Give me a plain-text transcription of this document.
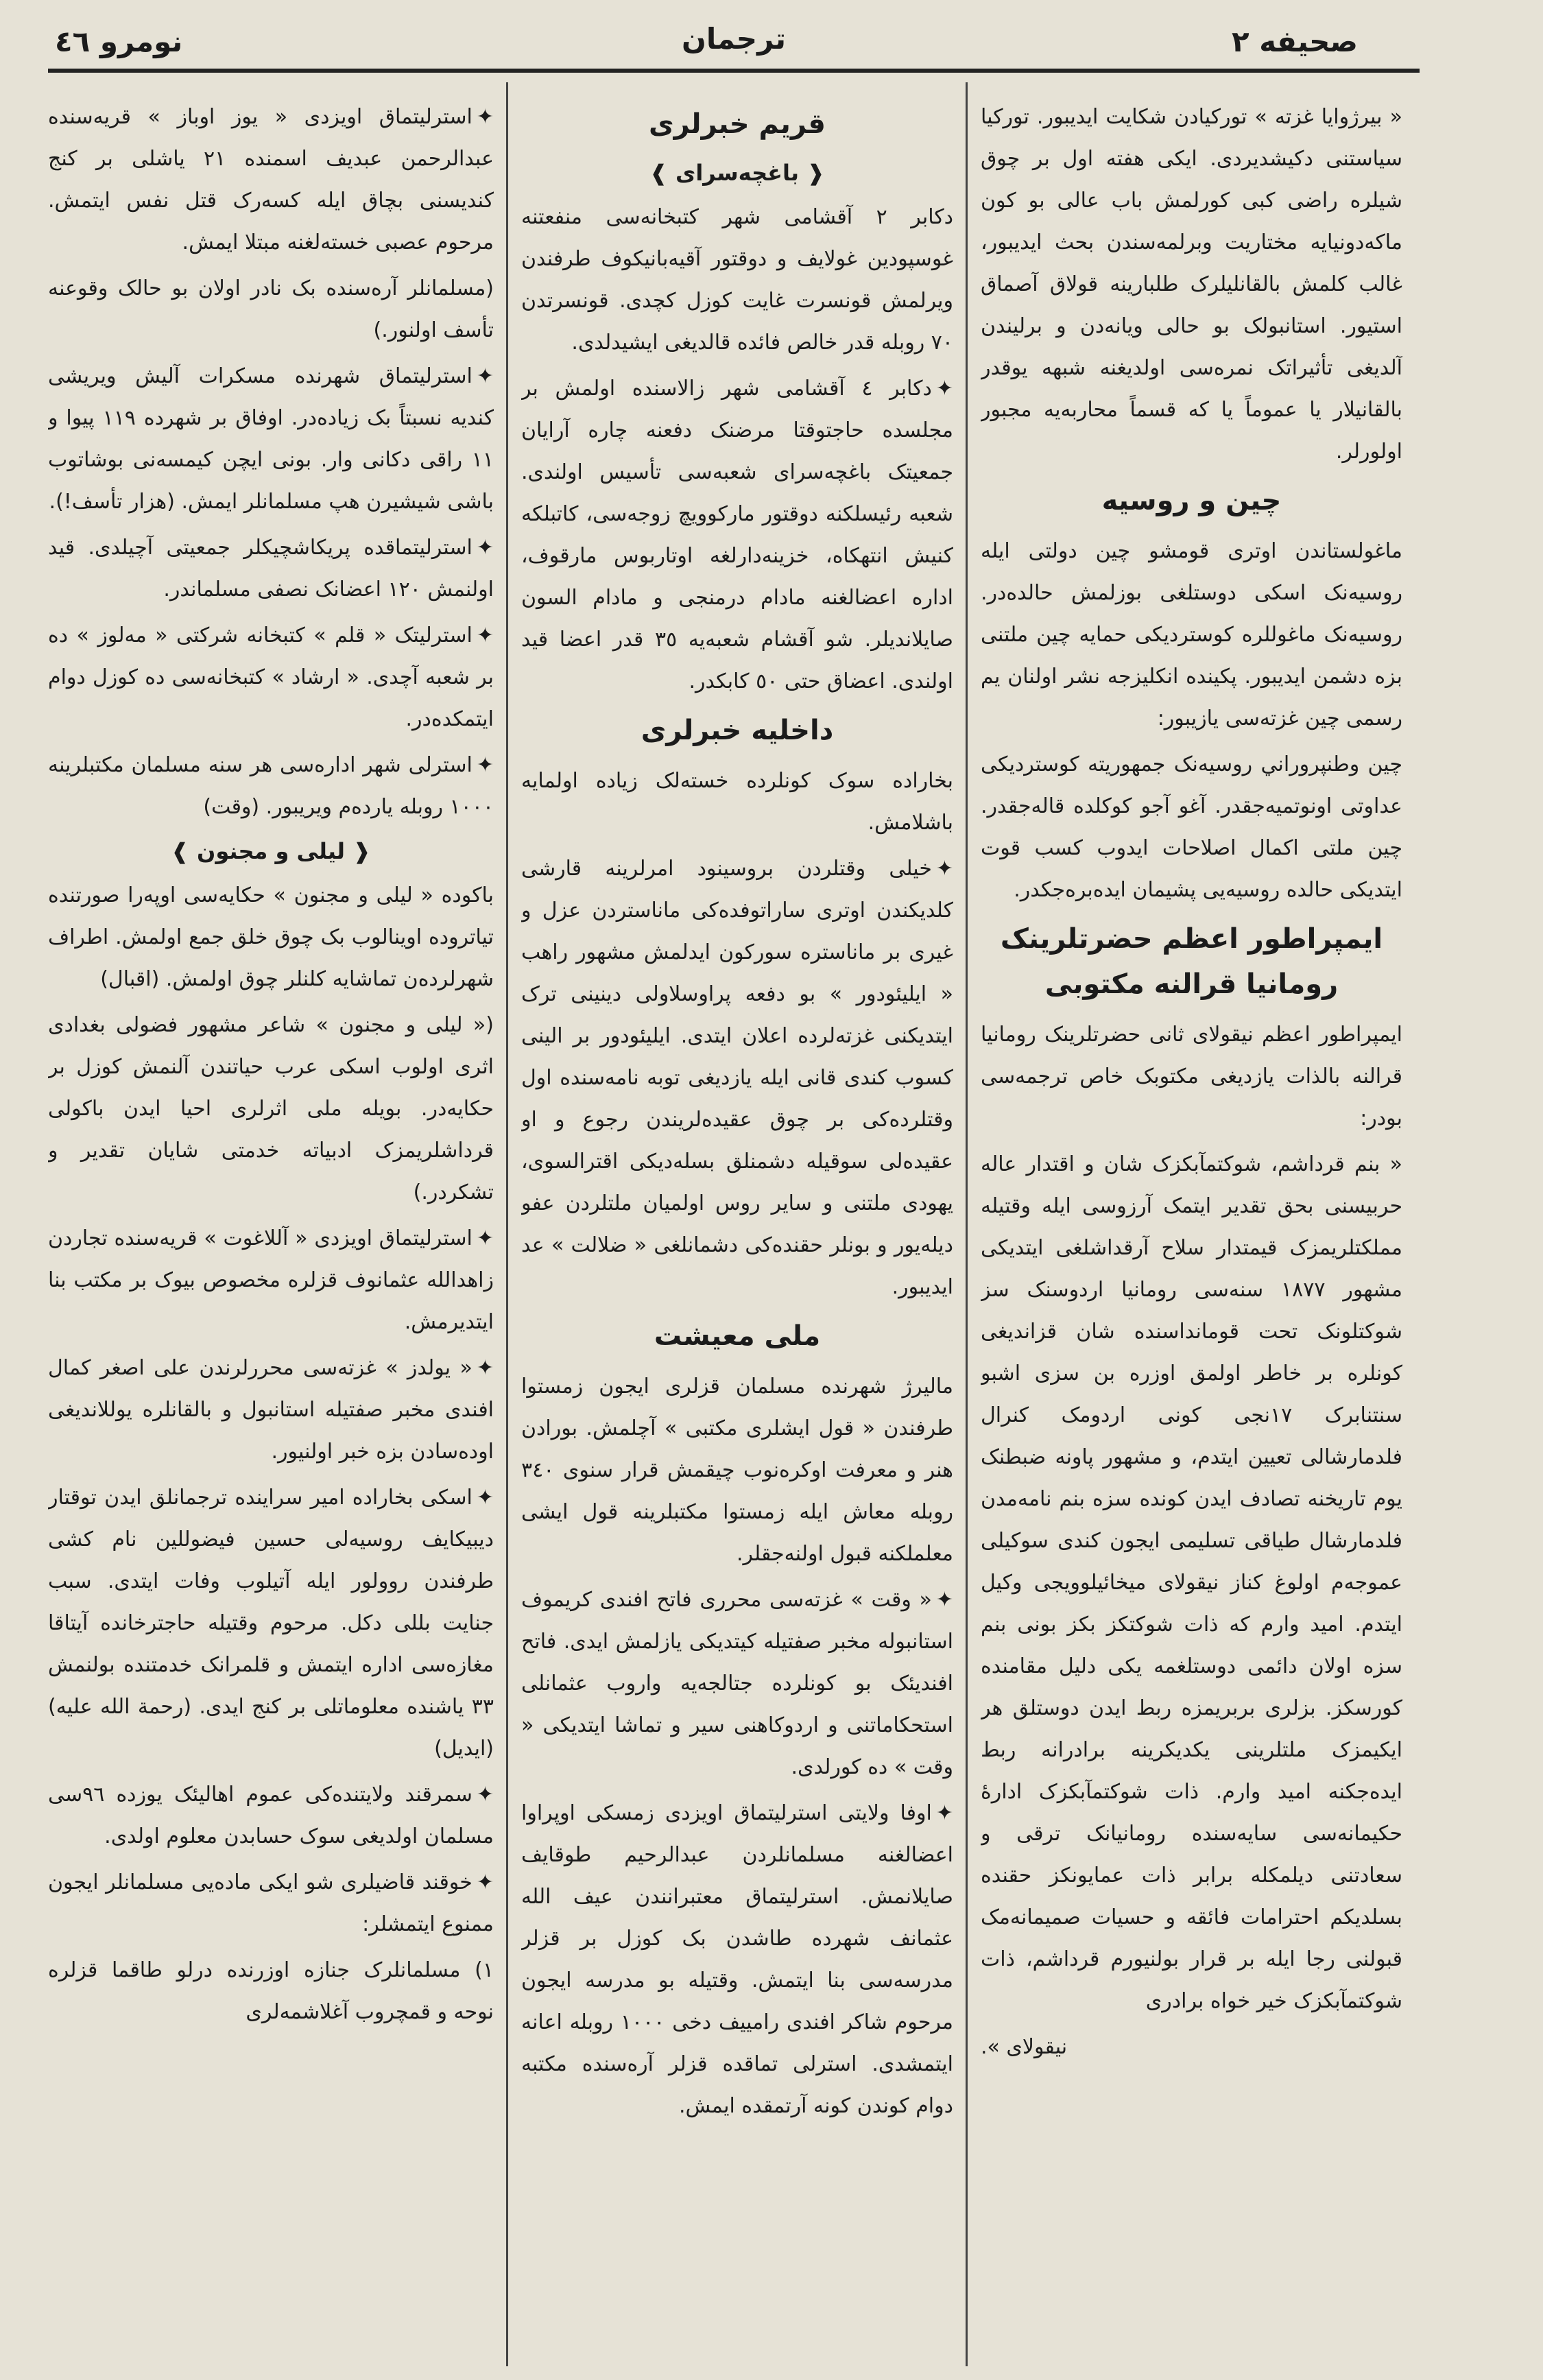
صحيفه ٢
ترجمان
نومرو ٤٦

« بيرژوايا غزته » تورکيادن شکايت ايديبور. تورکيا سياستنی دکيشديردی. ايکی هفته اول بر چوق شيلره راضی کبی کورلمش باب عالی بو کون ماکه‌دونيايه مختاريت وبرلمه‌سندن بحث ايديبور، غالب کلمش بالقانليلرک طلبارينه قولاق آصماق استيور. استانبولک بو حالی ويانه‌دن و برليندن آلديغی تأثيراتک نمره‌سی اولديغنه شبهه يوقدر بالقانيلار يا عموماً يا که قسماً محاربه‌يه مجبور اولورلر.

چين و روسيه

ماغولستاندن اوتری قومشو چين دولتی ايله روسيه‌نک اسکی دوستلغی بوزلمش حالده‌در. روسيه‌نک ماغوللره کوستردیکی حمايه چين ملتنی بزه دشمن ايديبور. پکينده انکليزجه نشر اولنان يم رسمی چين غزته‌سی يازيبور:

چين وطنپروراني روسيه‌نک جمهوريته کوستردیکی عداوتی اونوتميه‌جقدر. آغو آجو کوکلده قاله‌جقدر. چين ملتی اکمال اصلاحات ايدوب کسب قوت ايتدیکی حالده روسيه‌يی پشيمان ايده‌بره‌جکدر.

ايمپراطور اعظم حضرتلرينک رومانيا قرالنه مکتوبی

ايمپراطور اعظم نيقولای ثانی حضرتلرينک رومانيا قرالنه بالذات يازديغی مکتوبک خاص ترجمه‌سی بودر:

« بنم قرداشم، شوکتمآبکزک شان و اقتدار عاله حربيسنی بحق تقدير ايتمک آرزوسی ايله وقتيله مملکتلريمزک قيمتدار سلاح آرقداشلغی ايتدیکی مشهور ١٨٧٧ سنه‌سی رومانيا اردوسنک سز شوکتلونک تحت قوماندا‌سنده شان قزانديغی کونلره بر خاطر اولمق اوزره بن سزی اشبو سنتنابرک ١٧نجی کونی اردومک کنرال فلدمارشالی تعيين ايتدم، و مشهور پاونه ضبطنک يوم تاريخنه تصادف ايدن کونده سزه بنم نامه‌مدن فلدمارشال طياقی تسليمی ايجون کندی سوکيلی عموجه‌م اولوغ کناز نيقولای ميخائيلوويجی وکيل ايتدم. اميد وارم که ذات شوکتکز بکز بونی بنم سزه اولان دائمی دوستلغمه يکی دليل مقامنده کورسکز. بزلری بربريمزه ربط ايدن دوستلق هر ايکيمزک ملتلرينی يکديکرينه برادرانه ربط ايده‌جکنه اميد وارم. ذات شوکتمآبکزک ادارهٔ حکيمانه‌سی سايه‌سنده رومانيانک ترقی و سعادتنی ديلمکله برابر ذات عمايونکز حقنده بسلديکم احترامات فائقه و حسيات صميمانه‌مک قبولنی رجا ايله بر قرار بولنيورم قرداشم، ذات شوکتمآبکزک خير خواه برادری

نيقولای ».

قريم خبرلری
❰ باغچه‌سرای ❱

دکابر ٢ آقشامی شهر کتبخانه‌سی منفعتنه غوسپودين غولايف و دوقتور آقيه‌بانيکوف طرفندن ويرلمش قونسرت غايت کوزل کچدی. قونسرتدن ٧٠ روبله قدر خالص فائده قالديغی ايشيدلدی.

✦دکابر ٤ آقشامی شهر زالاسنده اولمش بر مجلسده حاجتوقتا مرضنک دفعنه چاره آرايان جمعيتک باغچه‌سرای شعبه‌سی تأسيس اولندی. شعبه رئيسلکنه دوقتور مارکوويچ زوجه‌سی، کاتبلکه کنيش انتهکاه، خزينه‌دارلغه اوتاربوس مارقوف، اداره اعضالغنه مادام درمنجی و مادام السون صايلاندیلر. شو آقشام شعبه‌يه ٣٥ قدر اعضا قيد اولندی. اعضاق حتی ٥٠ کابکدر.

داخليه خبرلری

بخاراده سوک کونلرده خسته‌لک زياده اولمايه باشلامش.

✦خيلی وقتلردن بروسينود امرلرينه قارشی کلديکندن اوتری ساراتوفده‌کی ماناستردن عزل و غيری بر ماناستره سورکون ايدلمش مشهور راهب « ايليئودور » بو دفعه پراوسلاولی دينينی ترک ايتدیکنی غزته‌لرده اعلان ايتدی. ايليئودور بر الينی کسوب کندی قانی ايله يازديغی توبه نامه‌سنده اول وقتلرده‌کی بر چوق عقيده‌لريندن رجوع و او عقيده‌لی سوقيله دشمنلق بسله‌دیکی اقترالسوی، يهودی ملتنی و ساير روس اولميان ملتلردن عفو ديله‌يور و بونلر حقنده‌کی دشمانلغی « ضلالت » عد ايديبور.

ملی معيشت

ماليرژ شهرنده مسلمان قزلری ايجون زمستوا طرفندن « قول ايشلری مکتبی » آچلمش. بورادن هنر و معرفت اوکره‌نوب چيقمش قرار سنوی ٣٤٠ روبله معاش ايله زمستوا مکتبلرينه قول ايشی معلملکنه قبول اولنه‌جقلر.

✦« وقت » غزته‌سی محرری فاتح افندی کريموف استانبوله مخبر صفتيله کيتدیکی يازلمش ايدی. فاتح افنديئک بو کونلرده جتالجه‌يه واروب عثمانلی استحکاماتنی و اردوکاهنی سير و تماشا ايتدیکی « وقت » ده کورلدی.

✦اوفا ولايتی استرليتماق اويزدی زمسکی اوپراوا اعضالغنه مسلمانلردن عبدالرحيم طوقايف صايلانمش. استرليتماق معتبرانندن عيف الله عثمانف شهرده طاشدن بک کوزل بر قزلر مدرسه‌سی بنا ايتمش. وقتيله بو مدرسه ايجون مرحوم شاکر افندی رامييف دخی ١٠٠٠ روبله اعانه ايتمشدی. استرلی تماقده قزلر آره‌سنده مکتبه دوام کوندن کونه آرتمقده ايمش.

✦استرليتماق اويزدی « يوز اوباز » قريه‌سنده عبدالرحمن عبديف اسمنده ٢١ ياشلی بر کنج کنديسنی بچاق ايله کسه‌رک قتل نفس ايتمش. مرحوم عصبی خسته‌لغنه مبتلا ايمش.

(مسلمانلر آره‌سنده بک نادر اولان بو حالک وقوعنه تأسف اولنور.)

✦استرليتماق شهرنده مسکرات آليش ويريشی کنديه نسبتاً بک زياده‌در. اوفاق بر شهرده ١١٩ پيوا و ١١ راقی دکانی وار. بونی ايچن کيمسه‌نی بوشاتوب باشی شيشيرن هپ مسلمانلر ايمش. (هزار تأسف!).

✦استرليتماقده پريکاشچيکلر جمعيتی آچيلدی. قيد اولنمش ١٢٠ اعضانک نصفی مسلماندر.

✦استرليتک « قلم » کتبخانه شرکتی « مه‌لوز » ده بر شعبه آچدی. « ارشاد » کتبخانه‌سی ده کوزل دوام ايتمکده‌در.

✦استرلی شهر اداره‌سی هر سنه مسلمان مکتبلرينه ١٠٠٠ روبله يارده‌م ويريبور. (وقت)

❰ ليلی و مجنون ❱

باکوده « ليلی و مجنون » حکايه‌سی اوپه‌را صورتنده تياتروده اوينالوب بک چوق خلق جمع اولمش. اطراف شهرلرده‌ن تماشايه کلنلر چوق اولمش. (اقبال)

(« ليلی و مجنون » شاعر مشهور فضولی بغدادی اثری اولوب اسکی عرب حياتندن آلنمش کوزل بر حکايه‌در. بويله ملی اثرلری احيا ايدن باکولی قرداشلريمزک ادبياته خدمتی شايان تقدير و تشکردر.)

✦استرليتماق اويزدی « آللاغوت » قريه‌سنده تجاردن زاهدالله عثمانوف قزلره مخصوص بيوک بر مکتب بنا ايتديرمش.

✦« يولدز » غزته‌سی محررلرندن علی اصغر کمال افندی مخبر صفتيله استانبول و بالقانلره يوللانديغی اوده‌سادن بزه خبر اولنيور.

✦اسکی بخاراده امير سراينده ترجمانلق ايدن توقتار ديبيکايف روسيه‌لی حسين فيضوللين نام کشی طرفندن روولور ايله آتيلوب وفات ايتدی. سبب جنايت بللی دکل. مرحوم وقتيله حاجترخانده آيتاقا مغازه‌سی اداره ايتمش و قلمرانک خدمتنده بولنمش ٣٣ ياشنده معلوماتلی بر کنج ايدی. (رحمة الله عليه) (ايديل)

✦سمرقند ولايتنده‌کی عموم اهاليئک يوزده ٩٦سی مسلمان اولديغی سوک حسابدن معلوم اولدی.

✦خوقند قاضيلری شو ايکی ماده‌يی مسلمانلر ايجون ممنوع ايتمشلر:

١) مسلمانلرک جنازه اوزرنده درلو طاقما قزلره نوحه و قمچروب آغلاشمه‌لری
